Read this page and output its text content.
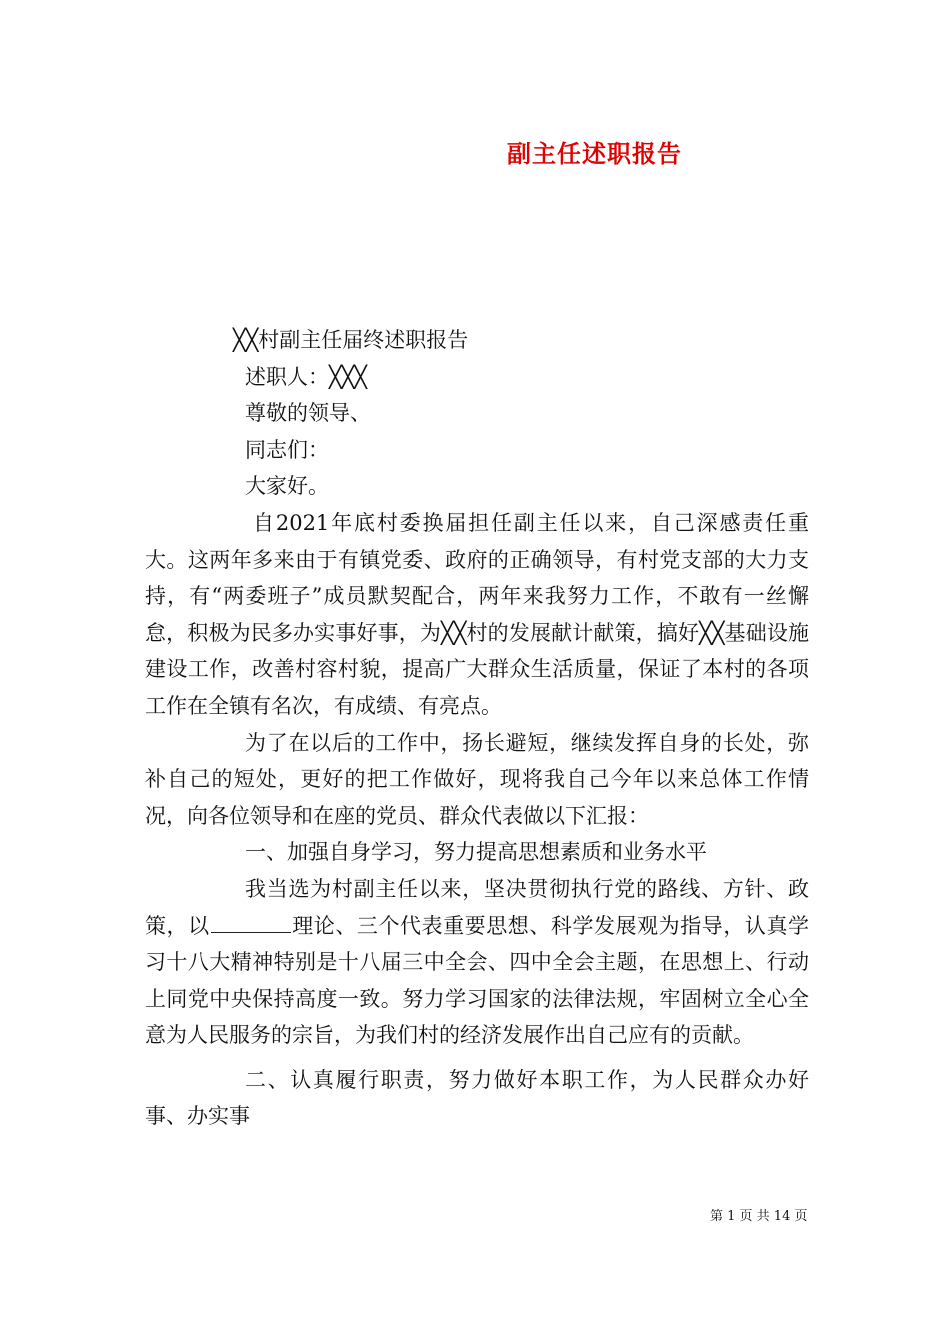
副主任述职报告

╳╳村副主任届终述职报告

述职人：╳╳╳

尊敬的领导、

同志们：

大家好。

自2021年底村委换届担任副主任以来，自己深感责任重大。这两年多来由于有镇党委、政府的正确领导，有村党支部的大力支持，有“两委班子”成员默契配合，两年来我努力工作，不敢有一丝懈怠，积极为民多办实事好事，为╳╳村的发展献计献策，搞好╳╳基础设施建设工作，改善村容村貌，提高广大群众生活质量，保证了本村的各项工作在全镇有名次，有成绩、有亮点。

为了在以后的工作中，扬长避短，继续发挥自身的长处，弥补自己的短处，更好的把工作做好，现将我自己今年以来总体工作情况，向各位领导和在座的党员、群众代表做以下汇报：

一、加强自身学习，努力提高思想素质和业务水平

我当选为村副主任以来，坚决贯彻执行党的路线、方针、政策，以	理论、三个代表重要思想、科学发展观为指导，认真学习十八大精神特别是十八届三中全会、四中全会主题，在思想上、行动上同党中央保持高度一致。努力学习国家的法律法规，牢固树立全心全意为人民服务的宗旨，为我们村的经济发展作出自己应有的贡献。

二、认真履行职责，努力做好本职工作，为人民群众办好事、办实事

第 1 页 共 14 页
